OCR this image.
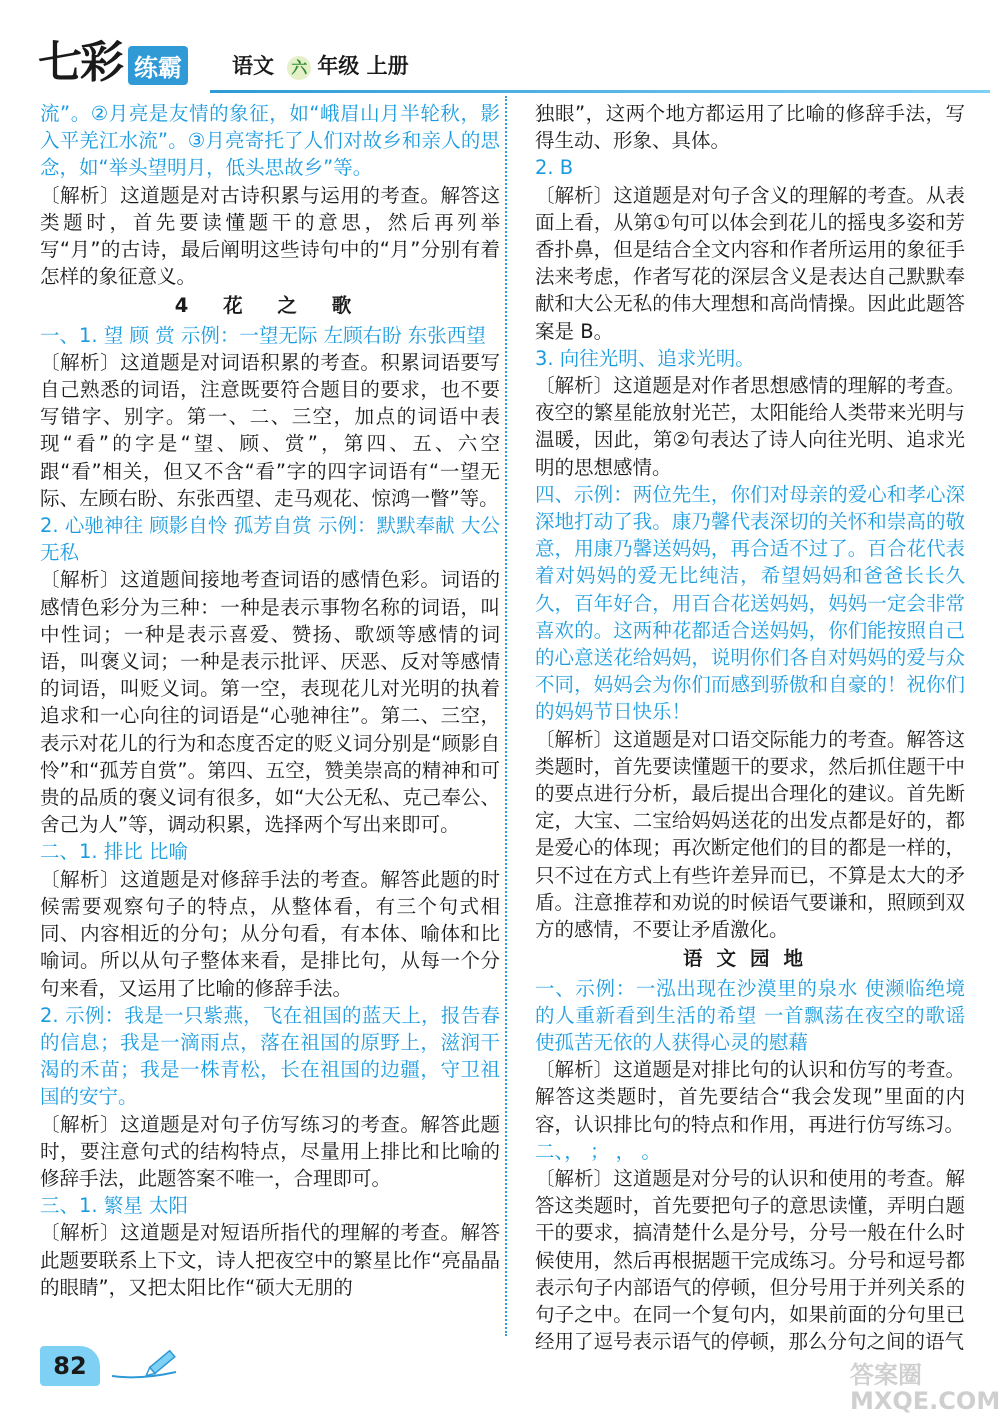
七彩 练霸 语文 六 年级 上册

流”。②月亮是友情的象征，如“峨眉山月半轮秋，影入平羌江水流”。③月亮寄托了人们对故乡和亲人的思念，如“举头望明月，低头思故乡”等。

〔解析〕这道题是对古诗积累与运用的考查。解答这类题时，首先要读懂题干的意思，然后再列举写“月”的古诗，最后阐明这些诗句中的“月”分别有着怎样的象征意义。

4 花 之 歌

一、1. 望 顾 赏 示例：一望无际 左顾右盼 东张西望

〔解析〕这道题是对词语积累的考查。积累词语要写自己熟悉的词语，注意既要符合题目的要求，也不要写错字、别字。第一、二、三空，加点的词语中表现“看”的字是“望、顾、赏”，第四、五、六空跟“看”相关，但又不含“看”字的四字词语有“一望无际、左顾右盼、东张西望、走马观花、惊鸿一瞥”等。

2. 心驰神往 顾影自怜 孤芳自赏 示例：默默奉献 大公无私

〔解析〕这道题间接地考查词语的感情色彩。词语的感情色彩分为三种：一种是表示事物名称的词语，叫中性词；一种是表示喜爱、赞扬、歌颂等感情的词语，叫褒义词；一种是表示批评、厌恶、反对等感情的词语，叫贬义词。第一空，表现花儿对光明的执着追求和一心向往的词语是“心驰神往”。第二、三空，表示对花儿的行为和态度否定的贬义词分别是“顾影自怜”和“孤芳自赏”。第四、五空，赞美崇高的精神和可贵的品质的褒义词有很多，如“大公无私、克己奉公、舍己为人”等，调动积累，选择两个写出来即可。

二、1. 排比 比喻

〔解析〕这道题是对修辞手法的考查。解答此题的时候需要观察句子的特点，从整体看，有三个句式相同、内容相近的分句；从分句看，有本体、喻体和比喻词。所以从句子整体来看，是排比句，从每一个分句来看，又运用了比喻的修辞手法。

2. 示例：我是一只紫燕，飞在祖国的蓝天上，报告春的信息；我是一滴雨点，落在祖国的原野上，滋润干渴的禾苗；我是一株青松，长在祖国的边疆，守卫祖国的安宁。

〔解析〕这道题是对句子仿写练习的考查。解答此题时，要注意句式的结构特点，尽量用上排比和比喻的修辞手法，此题答案不唯一，合理即可。

三、1. 繁星 太阳

〔解析〕这道题是对短语所指代的理解的考查。解答此题要联系上下文，诗人把夜空中的繁星比作“亮晶晶的眼睛”，又把太阳比作“硕大无朋的

独眼”，这两个地方都运用了比喻的修辞手法，写得生动、形象、具体。

2. B

〔解析〕这道题是对句子含义的理解的考查。从表面上看，从第①句可以体会到花儿的摇曳多姿和芳香扑鼻，但是结合全文内容和作者所运用的象征手法来考虑，作者写花的深层含义是表达自己默默奉献和大公无私的伟大理想和高尚情操。因此此题答案是 B。

3. 向往光明、追求光明。

〔解析〕这道题是对作者思想感情的理解的考查。夜空的繁星能放射光芒，太阳能给人类带来光明与温暖，因此，第②句表达了诗人向往光明、追求光明的思想感情。

四、示例：两位先生，你们对母亲的爱心和孝心深深地打动了我。康乃馨代表深切的关怀和崇高的敬意，用康乃馨送妈妈，再合适不过了。百合花代表着对妈妈的爱无比纯洁，希望妈妈和爸爸长长久久，百年好合，用百合花送妈妈，妈妈一定会非常喜欢的。这两种花都适合送妈妈，你们能按照自己的心意送花给妈妈，说明你们各自对妈妈的爱与众不同，妈妈会为你们而感到骄傲和自豪的！祝你们的妈妈节日快乐！

〔解析〕这道题是对口语交际能力的考查。解答这类题时，首先要读懂题干的要求，然后抓住题干中的要点进行分析，最后提出合理化的建议。首先断定，大宝、二宝给妈妈送花的出发点都是好的，都是爱心的体现；再次断定他们的目的都是一样的，只不过在方式上有些许差异而已，不算是太大的矛盾。注意推荐和劝说的时候语气要谦和，照顾到双方的感情，不要让矛盾激化。

语文园地

一、示例：一泓出现在沙漠里的泉水 使濒临绝境的人重新看到生活的希望 一首飘荡在夜空的歌谣 使孤苦无依的人获得心灵的慰藉

〔解析〕这道题是对排比句的认识和仿写的考查。解答这类题时，首先要结合“我会发现”里面的内容，认识排比句的特点和作用，再进行仿写练习。

二、， ； ， 。

〔解析〕这道题是对分号的认识和使用的考查。解答这类题时，首先要把句子的意思读懂，弄明白题干的要求，搞清楚什么是分号，分号一般在什么时候使用，然后再根据题干完成练习。分号和逗号都表示句子内部语气的停顿，但分号用于并列关系的句子之中。在同一个复句内，如果前面的分句里已经用了逗号表示语气的停顿，那么分句之间的语气

82	答案圈
MXQE.COM
